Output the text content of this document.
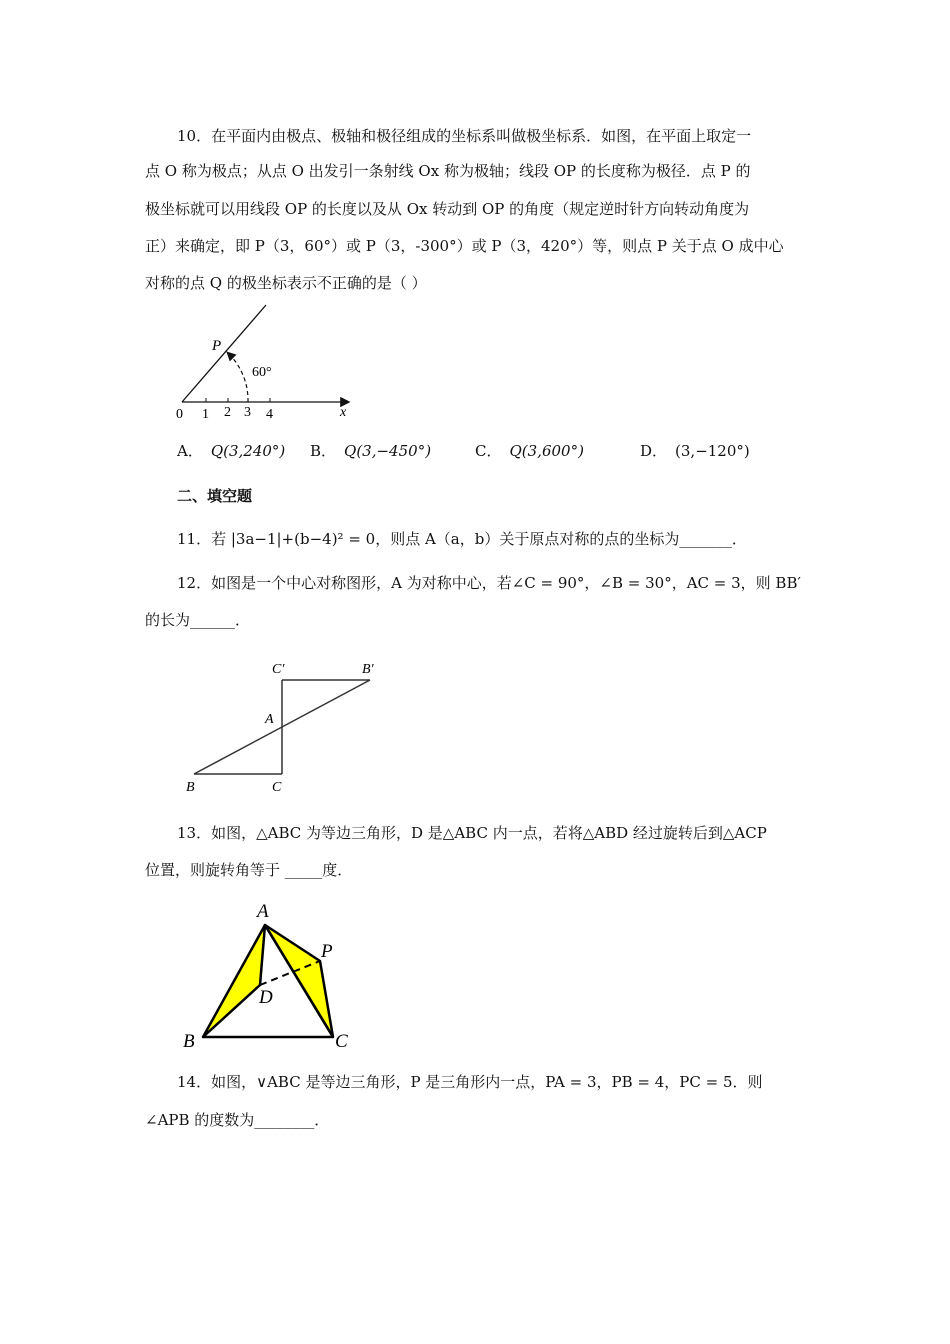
10．在平面内由极点、极轴和极径组成的坐标系叫做极坐标系．如图，在平面上取定一
点 O 称为极点；从点 O 出发引一条射线 Ox 称为极轴；线段 OP 的长度称为极径．点 P 的
极坐标就可以用线段 OP 的长度以及从 Ox 转动到 OP 的角度（规定逆时针方向转动角度为
正）来确定，即 P（3，60°）或 P（3，-300°）或 P（3，420°）等，则点 P 关于点 O 成中心
对称的点 Q 的极坐标表示不正确的是（ ）
P
60°
0 1 2 3 4	x
A． Q(3,240°) B． Q(3,−450°)	C． Q(3,600°)	D． (3,−120°)
二、填空题
11．若 |3a−1|+(b−4)² = 0，则点 A（a，b）关于原点对称的点的坐标为_______．
12．如图是一个中心对称图形，A 为对称中心，若∠C = 90°，∠B = 30°，AC = 3，则 BB′
的长为______．
C′	B′
A
B	C
13．如图，△ABC 为等边三角形，D 是△ABC 内一点，若将△ABD 经过旋转后到△ACP
位置，则旋转角等于 _____度．
A
P
D
B	C
14．如图，∨ABC 是等边三角形，P 是三角形内一点，PA = 3，PB = 4，PC = 5．则
∠APB 的度数为________．
